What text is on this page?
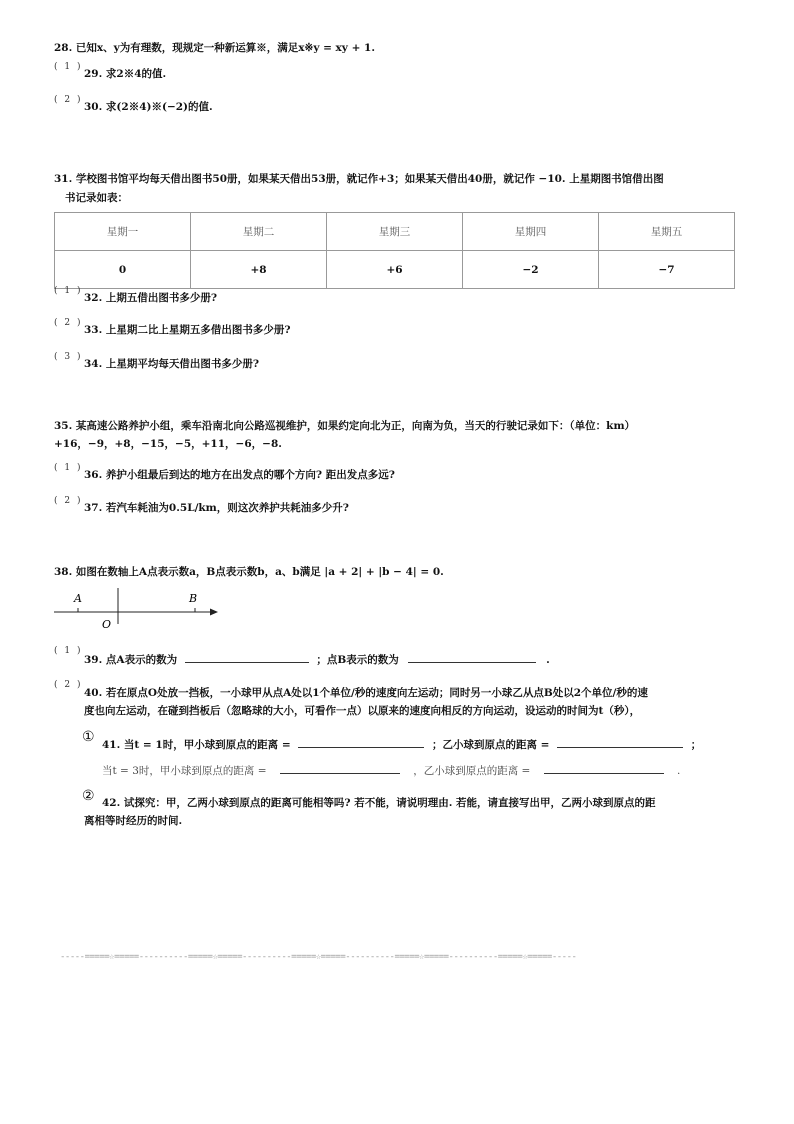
28. 已知x、y为有理数，现规定一种新运算※，满足x※y = xy + 1.
( 1 )
29. 求2※4的值.
( 2 )
30. 求(2※4)※(−2)的值.
31. 学校图书馆平均每天借出图书50册，如果某天借出53册，就记作+3；如果某天借出40册，就记作 −10. 上星期图书馆借出图
书记录如表：
星期一	星期二	星期三	星期四	星期五
0	+8	+6	−2	−7
( 1 )
32. 上期五借出图书多少册?
( 2 )
33. 上星期二比上星期五多借出图书多少册?
( 3 )
34. 上星期平均每天借出图书多少册?
35. 某高速公路养护小组，乘车沿南北向公路巡视维护，如果约定向北为正，向南为负，当天的行驶记录如下：（单位：km）
+16，−9，+8，−15，−5，+11，−6，−8.
( 1 )
36. 养护小组最后到达的地方在出发点的哪个方向? 距出发点多远?
( 2 )
37. 若汽车耗油为0.5L/km，则这次养护共耗油多少升?
38. 如图在数轴上A点表示数a，B点表示数b，a、b满足 |a + 2| + |b − 4| = 0.
A
O
B
( 1 )
39. 点A表示的数为	；点B表示的数为	.
( 2 )
40. 若在原点O处放一挡板，一小球甲从点A处以1个单位/秒的速度向左运动；同时另一小球乙从点B处以2个单位/秒的速
度也向左运动，在碰到挡板后（忽略球的大小，可看作一点）以原来的速度向相反的方向运动，设运动的时间为t（秒），
① 41. 当t = 1时，甲小球到原点的距离 =	；乙小球到原点的距离 =	；
当t = 3时，甲小球到原点的距离 =	，乙小球到原点的距离 =	.
② 42. 试探究：甲，乙两小球到原点的距离可能相等吗? 若不能，请说明理由. 若能，请直接写出甲，乙两小球到原点的距
离相等时经历的时间.
-----=====☆=====----------=====☆=====----------=====☆=====----------=====☆=====----------=====☆=====-----
